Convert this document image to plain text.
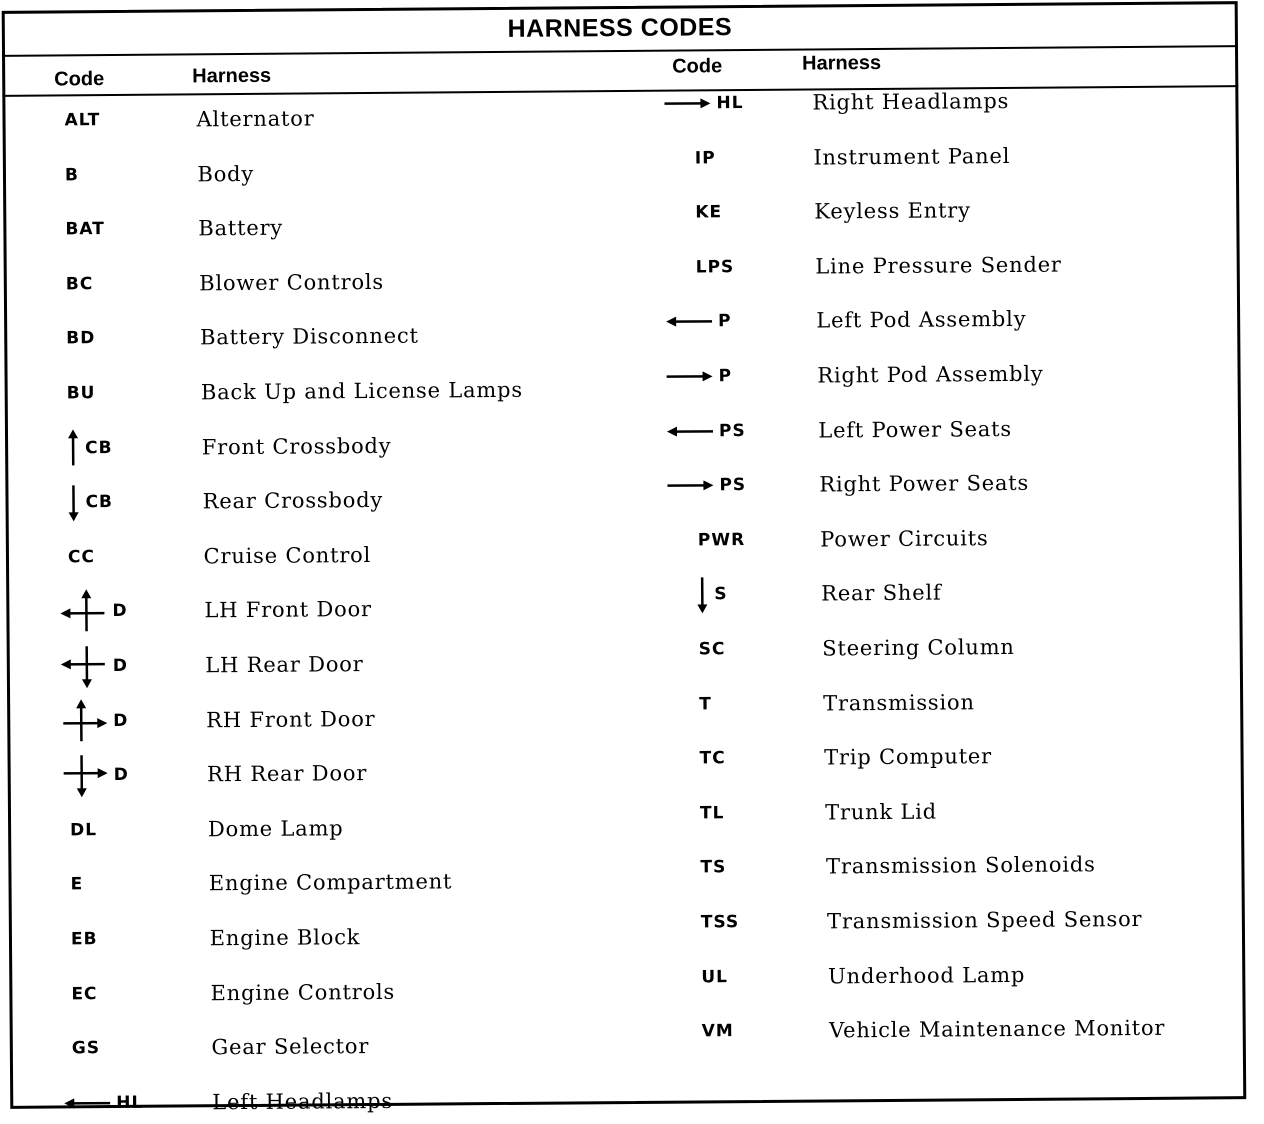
HARNESS CODES
Code	Harness	Code	Harness
ALT	Alternator
B	Body
BAT	Battery
BC	Blower Controls
BD	Battery Disconnect
BU	Back Up and License Lamps
CB	Front Crossbody
CB	Rear Crossbody
CC	Cruise Control
D	LH Front Door
D	LH Rear Door
D	RH Front Door
D	RH Rear Door
DL	Dome Lamp
E	Engine Compartment
EB	Engine Block
EC	Engine Controls
GS	Gear Selector
HL	Left Headlamps
HL	Right Headlamps
IP	Instrument Panel
KE	Keyless Entry
LPS	Line Pressure Sender
P	Left Pod Assembly
P	Right Pod Assembly
PS	Left Power Seats
PS	Right Power Seats
PWR	Power Circuits
S	Rear Shelf
SC	Steering Column
T	Transmission
TC	Trip Computer
TL	Trunk Lid
TS	Transmission Solenoids
TSS	Transmission Speed Sensor
UL	Underhood Lamp
VM	Vehicle Maintenance Monitor
